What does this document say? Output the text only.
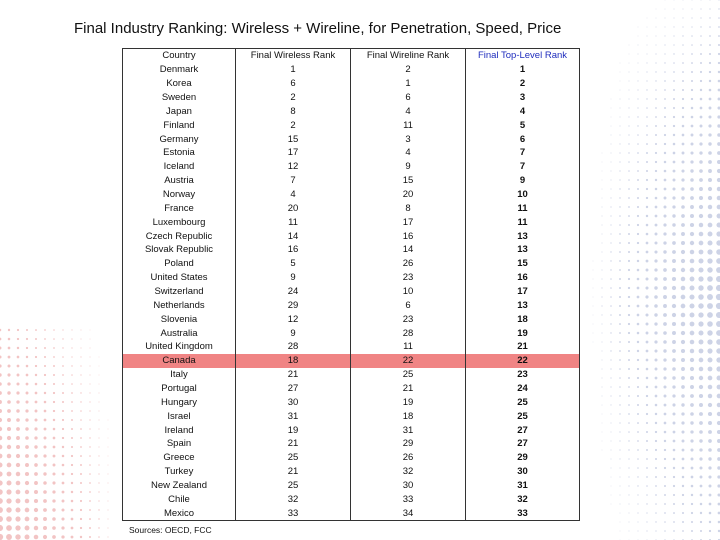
Final Industry Ranking: Wireless + Wireline, for Penetration, Speed, Price
Country	Final Wireless Rank	Final Wireline Rank	Final Top-Level Rank
Denmark	1	2	1
Korea	6	1	2
Sweden	2	6	3
Japan	8	4	4
Finland	2	11	5
Germany	15	3	6
Estonia	17	4	7
Iceland	12	9	7
Austria	7	15	9
Norway	4	20	10
France	20	8	11
Luxembourg	11	17	11
Czech Republic	14	16	13
Slovak Republic	16	14	13
Poland	5	26	15
United States	9	23	16
Switzerland	24	10	17
Netherlands	29	6	13
Slovenia	12	23	18
Australia	9	28	19
United Kingdom	28	11	21
Canada	18	22	22
Italy	21	25	23
Portugal	27	21	24
Hungary	30	19	25
Israel	31	18	25
Ireland	19	31	27
Spain	21	29	27
Greece	25	26	29
Turkey	21	32	30
New Zealand	25	30	31
Chile	32	33	32
Mexico	33	34	33
Sources: OECD, FCC
